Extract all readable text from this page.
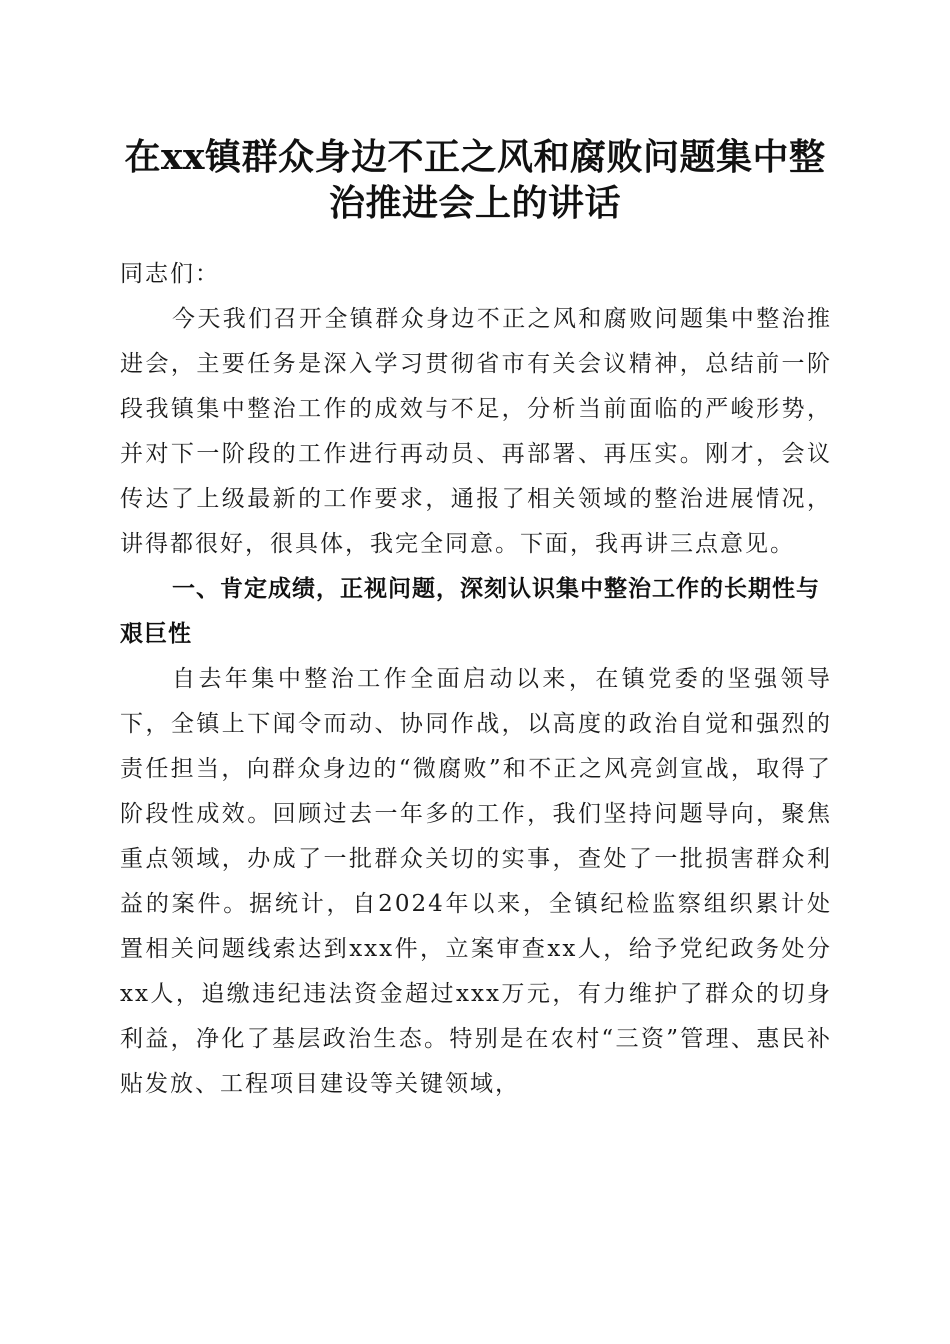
在xx镇群众身边不正之风和腐败问题集中整治推进会上的讲话

同志们：

今天我们召开全镇群众身边不正之风和腐败问题集中整治推进会，主要任务是深入学习贯彻省市有关会议精神，总结前一阶段我镇集中整治工作的成效与不足，分析当前面临的严峻形势，并对下一阶段的工作进行再动员、再部署、再压实。刚才，会议传达了上级最新的工作要求，通报了相关领域的整治进展情况，讲得都很好，很具体，我完全同意。下面，我再讲三点意见。

一、肯定成绩，正视问题，深刻认识集中整治工作的长期性与艰巨性

自去年集中整治工作全面启动以来，在镇党委的坚强领导下，全镇上下闻令而动、协同作战，以高度的政治自觉和强烈的责任担当，向群众身边的“微腐败”和不正之风亮剑宣战，取得了阶段性成效。回顾过去一年多的工作，我们坚持问题导向，聚焦重点领域，办成了一批群众关切的实事，查处了一批损害群众利益的案件。据统计，自2024年以来，全镇纪检监察组织累计处置相关问题线索达到xxx件，立案审查xx人，给予党纪政务处分xx人，追缴违纪违法资金超过xxx万元，有力维护了群众的切身利益，净化了基层政治生态。特别是在农村“三资”管理、惠民补贴发放、工程项目建设等关键领域，
